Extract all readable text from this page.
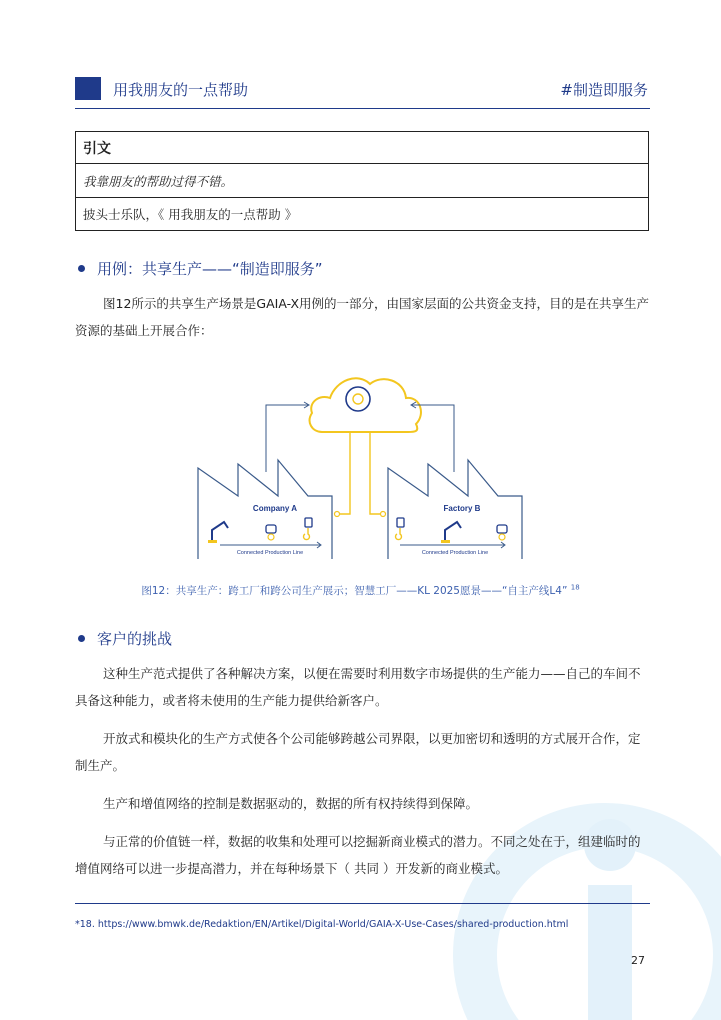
用我朋友的一点帮助	#制造即服务
引文
我靠朋友的帮助过得不错。
披头士乐队，《 用我朋友的一点帮助 》
用例：共享生产——“制造即服务”

图12所示的共享生产场景是GAIA-X用例的一部分，由国家层面的公共资金支持，目的是在共享生产资源的基础上开展合作：

Company A
Connected Production Line
Factory B
Connected Production Line
图12：共享生产：跨工厂和跨公司生产展示；智慧工厂——KL 2025愿景——“自主产线L4” $^{18}$
客户的挑战

这种生产范式提供了各种解决方案，以便在需要时利用数字市场提供的生产能力——自己的车间不具备这种能力，或者将未使用的生产能力提供给新客户。

开放式和模块化的生产方式使各个公司能够跨越公司界限，以更加密切和透明的方式展开合作，定制生产。

生产和增值网络的控制是数据驱动的，数据的所有权持续得到保障。

与正常的价值链一样，数据的收集和处理可以挖掘新商业模式的潜力。不同之处在于，组建临时的增值网络可以进一步提高潜力，并在每种场景下（ 共同 ）开发新的商业模式。

*18. https://www.bmwk.de/Redaktion/EN/Artikel/Digital-World/GAIA-X-Use-Cases/shared-production.html
27
